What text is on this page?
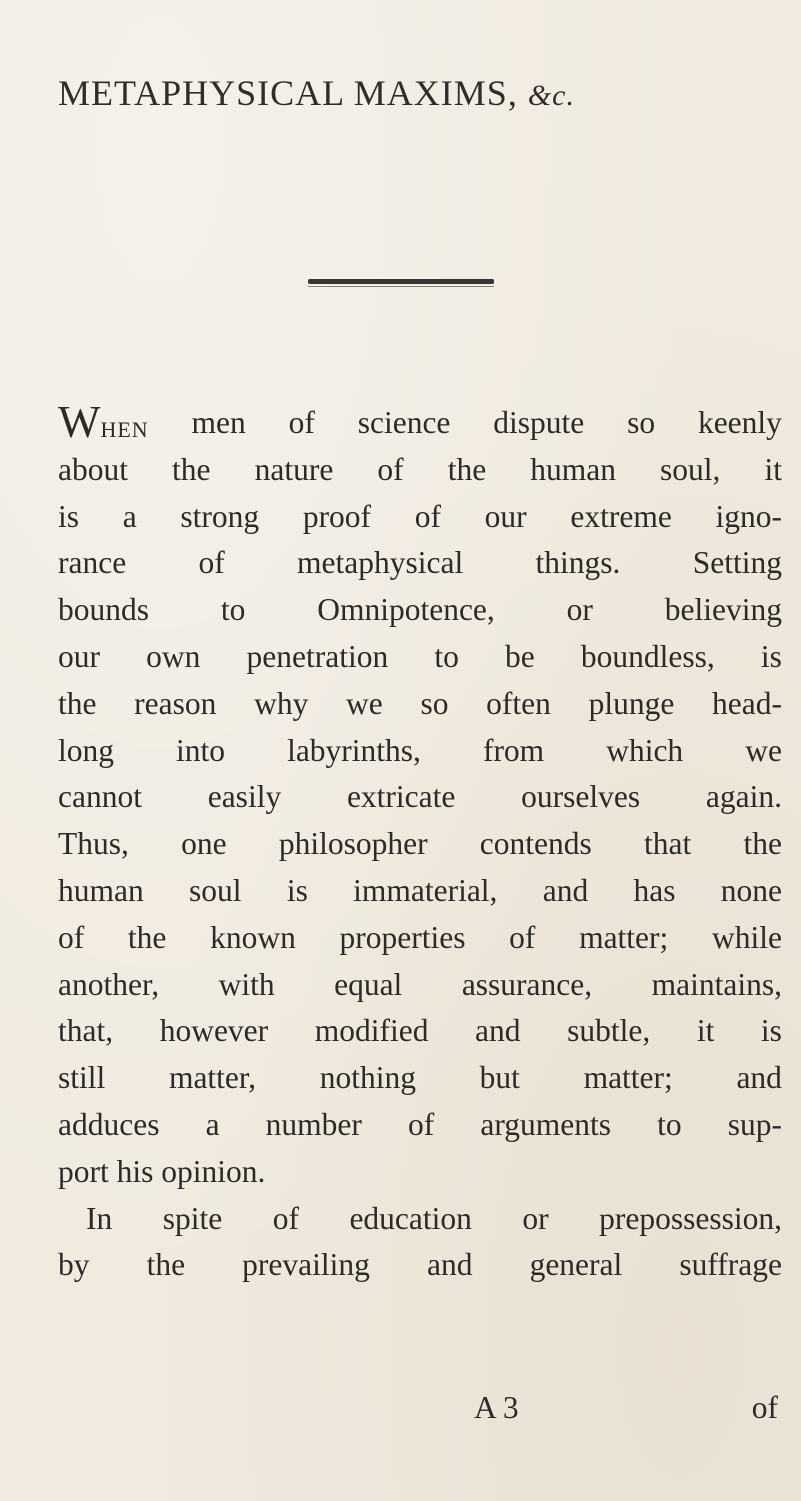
METAPHYSICAL MAXIMS, &c.
WHEN men of science dispute so keenly
about the nature of the human soul, it
is a strong proof of our extreme igno-
rance of metaphysical things. Setting
bounds to Omnipotence, or believing
our own penetration to be boundless, is
the reason why we so often plunge head-
long into labyrinths, from which we
cannot easily extricate ourselves again.
Thus, one philosopher contends that the
human soul is immaterial, and has none
of the known properties of matter; while
another, with equal assurance, maintains,
that, however modified and subtle, it is
still matter, nothing but matter; and
adduces a number of arguments to sup-
port his opinion.
In spite of education or prepossession,
by the prevailing and general suffrage
A 3	of
